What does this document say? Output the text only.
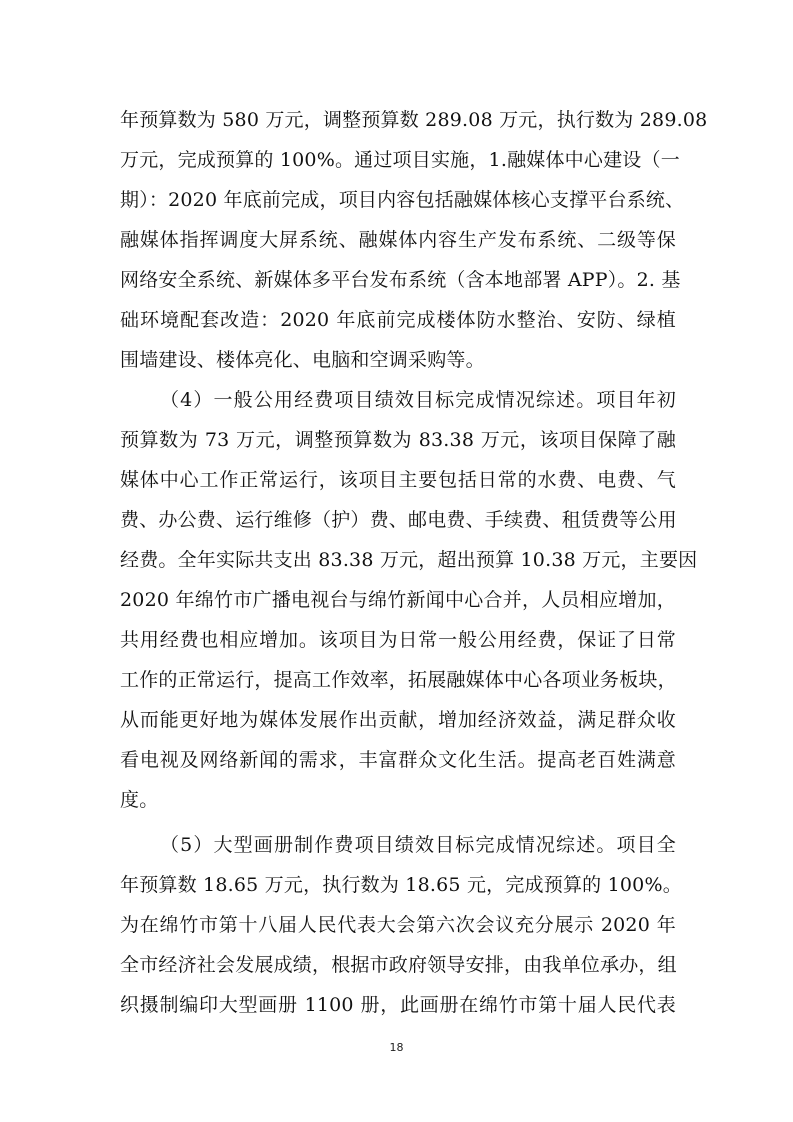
年预算数为 580 万元，调整预算数 289.08 万元，执行数为 289.08
万元，完成预算的 100%。通过项目实施，1.融媒体中心建设（一
期）：2020 年底前完成，项目内容包括融媒体核心支撑平台系统、
融媒体指挥调度大屏系统、融媒体内容生产发布系统、二级等保
网络安全系统、新媒体多平台发布系统（含本地部署 APP）。2. 基
础环境配套改造：2020 年底前完成楼体防水整治、安防、绿植
围墙建设、楼体亮化、电脑和空调采购等。
（4）一般公用经费项目绩效目标完成情况综述。项目年初
预算数为 73 万元，调整预算数为 83.38 万元，该项目保障了融
媒体中心工作正常运行，该项目主要包括日常的水费、电费、气
费、办公费、运行维修（护）费、邮电费、手续费、租赁费等公用
经费。全年实际共支出 83.38 万元，超出预算 10.38 万元，主要因
2020 年绵竹市广播电视台与绵竹新闻中心合并，人员相应增加，
共用经费也相应增加。该项目为日常一般公用经费，保证了日常
工作的正常运行，提高工作效率，拓展融媒体中心各项业务板块，
从而能更好地为媒体发展作出贡献，增加经济效益，满足群众收
看电视及网络新闻的需求，丰富群众文化生活。提高老百姓满意
度。
（5）大型画册制作费项目绩效目标完成情况综述。项目全
年预算数 18.65 万元，执行数为 18.65 元，完成预算的 100%。
为在绵竹市第十八届人民代表大会第六次会议充分展示 2020 年
全市经济社会发展成绩，根据市政府领导安排，由我单位承办，组
织摄制编印大型画册 1100 册，此画册在绵竹市第十届人民代表
18
